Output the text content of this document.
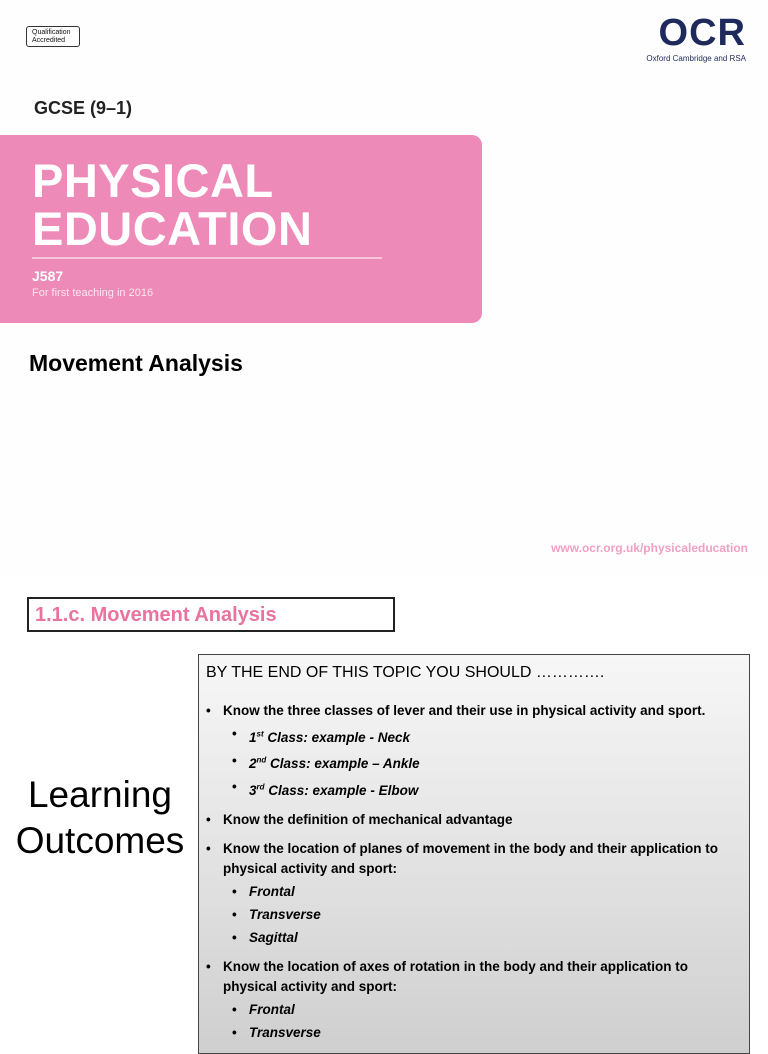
Qualification
Accredited	OCR
Oxford Cambridge and RSA
GCSE (9–1)
PHYSICAL
EDUCATION
J587
For first teaching in 2016
Movement Analysis
www.ocr.org.uk/physicaleducation
1.1.c. Movement Analysis
Learning
Outcomes
BY THE END OF THIS TOPIC YOU SHOULD ………….
• Know the three classes of lever and their use in physical activity and sport.
• 1st Class: example - Neck
• 2nd Class: example – Ankle
• 3rd Class: example - Elbow
• Know the definition of mechanical advantage
• Know the location of planes of movement in the body and their application to physical activity and sport:
• Frontal
• Transverse
• Sagittal
• Know the location of axes of rotation in the body and their application to physical activity and sport:
• Frontal
• Transverse
